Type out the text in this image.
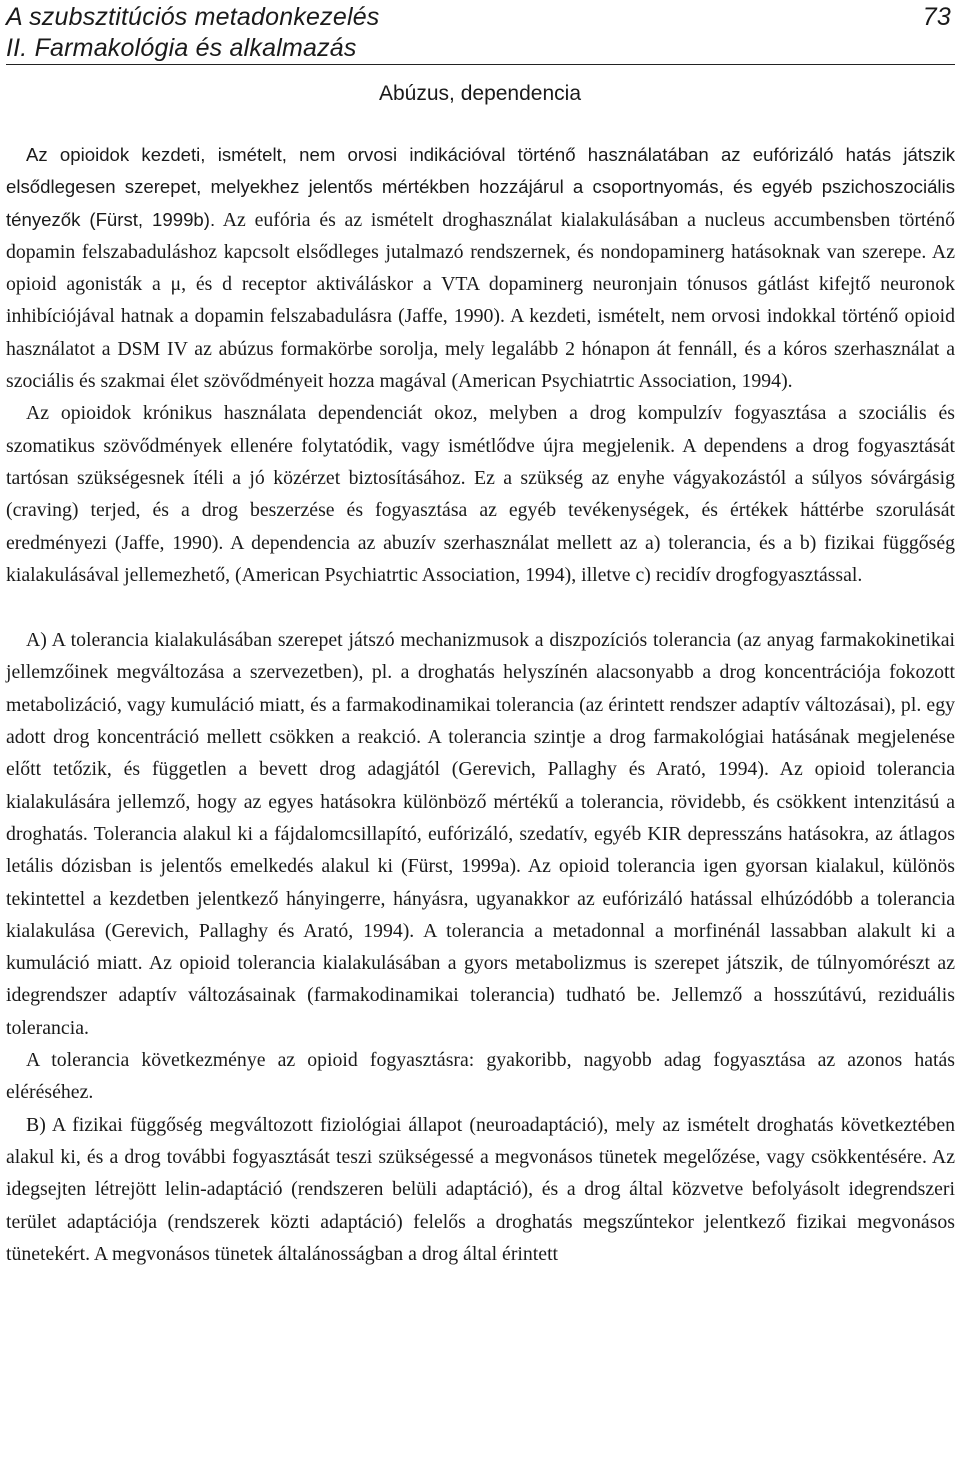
A szubsztitúciós metadonkezelés
II. Farmakológia és alkalmazás
73
Abúzus, dependencia

Az opioidok kezdeti, ismételt, nem orvosi indikációval történő használatában az eufórizáló hatás játszik elsődlegesen szerepet, melyekhez jelentős mértékben hozzájárul a csoportnyomás, és egyéb pszichoszociális tényezők (Fürst, 1999b). Az eufória és az ismételt droghasználat kialakulásában a nucleus accumbensben történő dopamin felszabaduláshoz kapcsolt elsődleges jutalmazó rendszernek, és nondopaminerg hatásoknak van szerepe. Az opioid agonisták a μ, és d receptor aktiváláskor a VTA dopaminerg neuronjain tónusos gátlást kifejtő neuronok inhibíciójával hatnak a dopamin felszabadulásra (Jaffe, 1990). A kezdeti, ismételt, nem orvosi indokkal történő opioid használatot a DSM IV az abúzus formakörbe sorolja, mely legalább 2 hónapon át fennáll, és a kóros szerhasználat a szociális és szakmai élet szövődményeit hozza magával (American Psychiatrtic Association, 1994).

Az opioidok krónikus használata dependenciát okoz, melyben a drog kompulzív fogyasztása a szociális és szomatikus szövődmények ellenére folytatódik, vagy ismétlődve újra megjelenik. A dependens a drog fogyasztását tartósan szükségesnek ítéli a jó közérzet biztosításához. Ez a szükség az enyhe vágyakozástól a súlyos sóvárgásig (craving) terjed, és a drog beszerzése és fogyasztása az egyéb tevékenységek, és értékek háttérbe szorulását eredményezi (Jaffe, 1990). A dependencia az abuzív szerhasználat mellett az a) tolerancia, és a b) fizikai függőség kialakulásával jellemezhető, (American Psychiatrtic Association, 1994), illetve c) recidív drogfogyasztással.

A) A tolerancia kialakulásában szerepet játszó mechanizmusok a diszpozíciós tolerancia (az anyag farmakokinetikai jellemzőinek megváltozása a szervezetben), pl. a droghatás helyszínén alacsonyabb a drog koncentrációja fokozott metabolizáció, vagy kumuláció miatt, és a farmakodinamikai tolerancia (az érintett rendszer adaptív változásai), pl. egy adott drog koncentráció mellett csökken a reakció. A tolerancia szintje a drog farmakológiai hatásának megjelenése előtt tetőzik, és független a bevett drog adagjától (Gerevich, Pallaghy és Arató, 1994). Az opioid tolerancia kialakulására jellemző, hogy az egyes hatásokra különböző mértékű a tolerancia, rövidebb, és csökkent intenzitású a droghatás. Tolerancia alakul ki a fájdalomcsillapító, eufórizáló, szedatív, egyéb KIR depresszáns hatásokra, az átlagos letális dózisban is jelentős emelkedés alakul ki (Fürst, 1999a). Az opioid tolerancia igen gyorsan kialakul, különös tekintettel a kezdetben jelentkező hányingerre, hányásra, ugyanakkor az eufórizáló hatással elhúzódóbb a tolerancia kialakulása (Gerevich, Pallaghy és Arató, 1994). A tolerancia a metadonnal a morfinénál lassabban alakult ki a kumuláció miatt. Az opioid tolerancia kialakulásában a gyors metabolizmus is szerepet játszik, de túlnyomórészt az idegrendszer adaptív változásainak (farmakodinamikai tolerancia) tudható be. Jellemző a hosszútávú, reziduális tolerancia.

A tolerancia következménye az opioid fogyasztásra: gyakoribb, nagyobb adag fogyasztása az azonos hatás eléréséhez.

B) A fizikai függőség megváltozott fiziológiai állapot (neuroadaptáció), mely az ismételt droghatás következtében alakul ki, és a drog további fogyasztását teszi szükségessé a megvonásos tünetek megelőzése, vagy csökkentésére. Az idegsejten létrejött lelin-adaptáció (rendszeren belüli adaptáció), és a drog által közvetve befolyásolt idegrendszeri terület adaptációja (rendszerek közti adaptáció) felelős a droghatás megszűntekor jelentkező fizikai megvonásos tünetekért. A megvonásos tünetek általánosságban a drog által érintett
